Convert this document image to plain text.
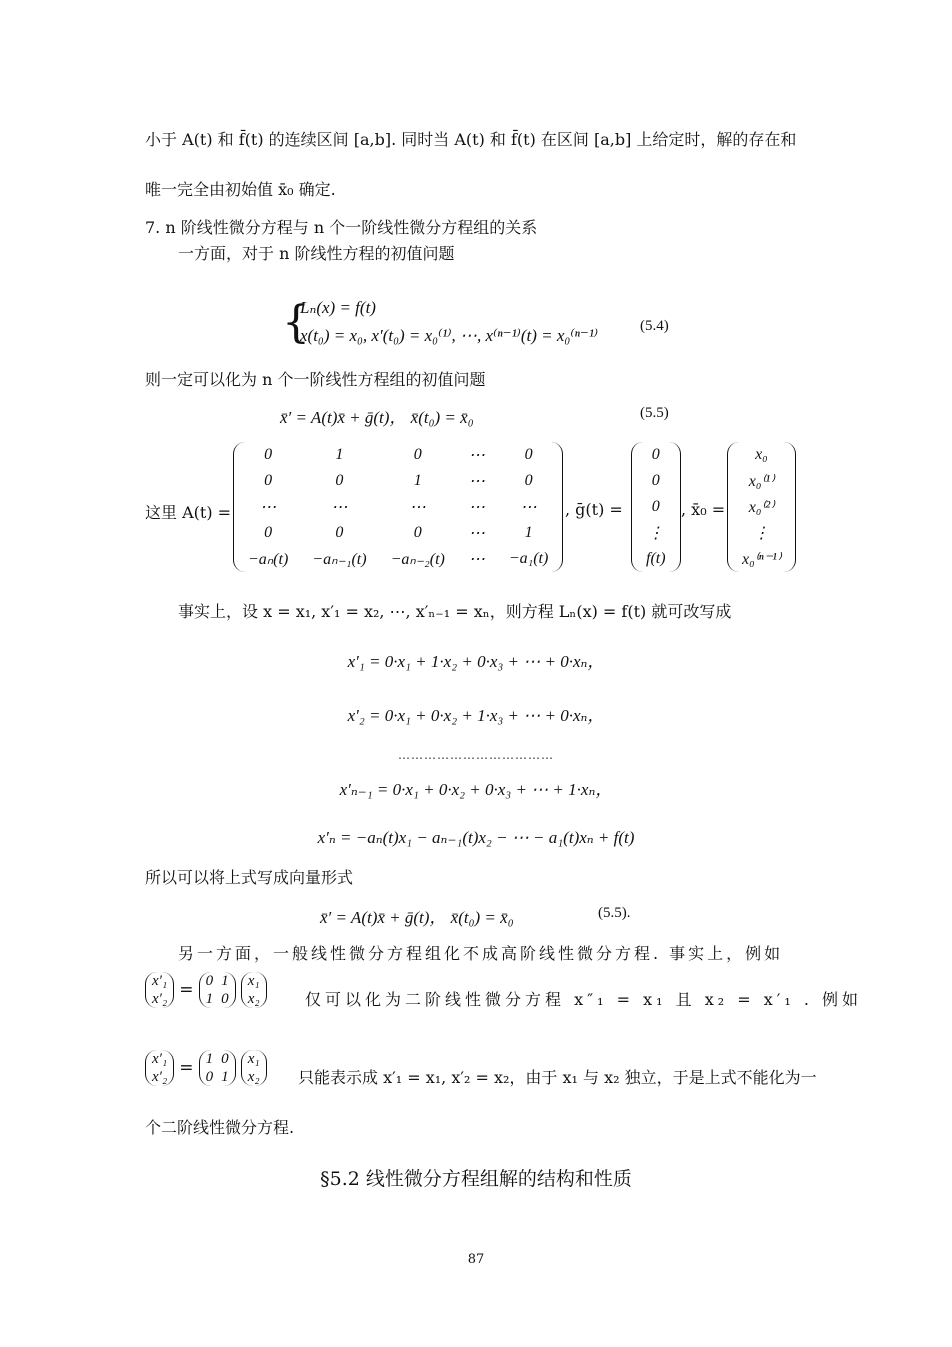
小于 A(t) 和 f̄(t) 的连续区间 [a,b]. 同时当 A(t) 和 f̄(t) 在区间 [a,b] 上给定时，解的存在和
唯一完全由初始值 x̄₀ 确定.
7. n 阶线性微分方程与 n 个一阶线性微分方程组的关系
一方面，对于 n 阶线性方程的初值问题
{
Lₙ(x) = f(t)
x(t₀) = x₀, x′(t₀) = x₀⁽¹⁾, ⋯, x⁽ⁿ⁻¹⁾(t) = x₀⁽ⁿ⁻¹⁾	(5.4)
则一定可以化为 n 个一阶线性方程组的初值问题
x̄′ = A(t)x̄ + ḡ(t)， x̄(t₀) = x̄₀	(5.5)
这里 A(t) =
0	1	0	⋯	0
0	0	1	⋯	0
⋯	⋯	⋯	⋯	⋯
0	0	0	⋯	1
−aₙ(t)	−aₙ₋₁(t)	−aₙ₋₂(t)	⋯	−a₁(t)
, ḡ(t) =
0
0
0
⋮
f(t)
, x̄₀ =
x₀
x₀⁽¹⁾
x₀⁽²⁾
⋮
x₀⁽ⁿ⁻¹⁾
事实上，设 x = x₁, x′₁ = x₂, ⋯, x′ₙ₋₁ = xₙ，则方程 Lₙ(x) = f(t) 就可改写成
x′₁ = 0·x₁ + 1·x₂ + 0·x₃ + ⋯ + 0·xₙ，
x′₂ = 0·x₁ + 0·x₂ + 1·x₃ + ⋯ + 0·xₙ，
………………………………
x′ₙ₋₁ = 0·x₁ + 0·x₂ + 0·x₃ + ⋯ + 1·xₙ，
x′ₙ = −aₙ(t)x₁ − aₙ₋₁(t)x₂ − ⋯ − a₁(t)xₙ + f(t)
所以可以将上式写成向量形式
x̄′ = A(t)x̄ + ḡ(t)， x̄(t₀) = x̄₀	(5.5).
另一方面，一般线性微分方程组化不成高阶线性微分方程. 事实上，例如
x′₁
x′₂ = 0	1
1	0

x₁
x₂	仅可以化为二阶线性微分方程 x″₁ = x₁ 且 x₂ = x′₁ . 例如
x′₁
x′₂ = 1	0
0	1

x₁
x₂ 只能表示成 x′₁ = x₁, x′₂ = x₂，由于 x₁ 与 x₂ 独立，于是上式不能化为一
个二阶线性微分方程.
§5.2 线性微分方程组解的结构和性质
87
